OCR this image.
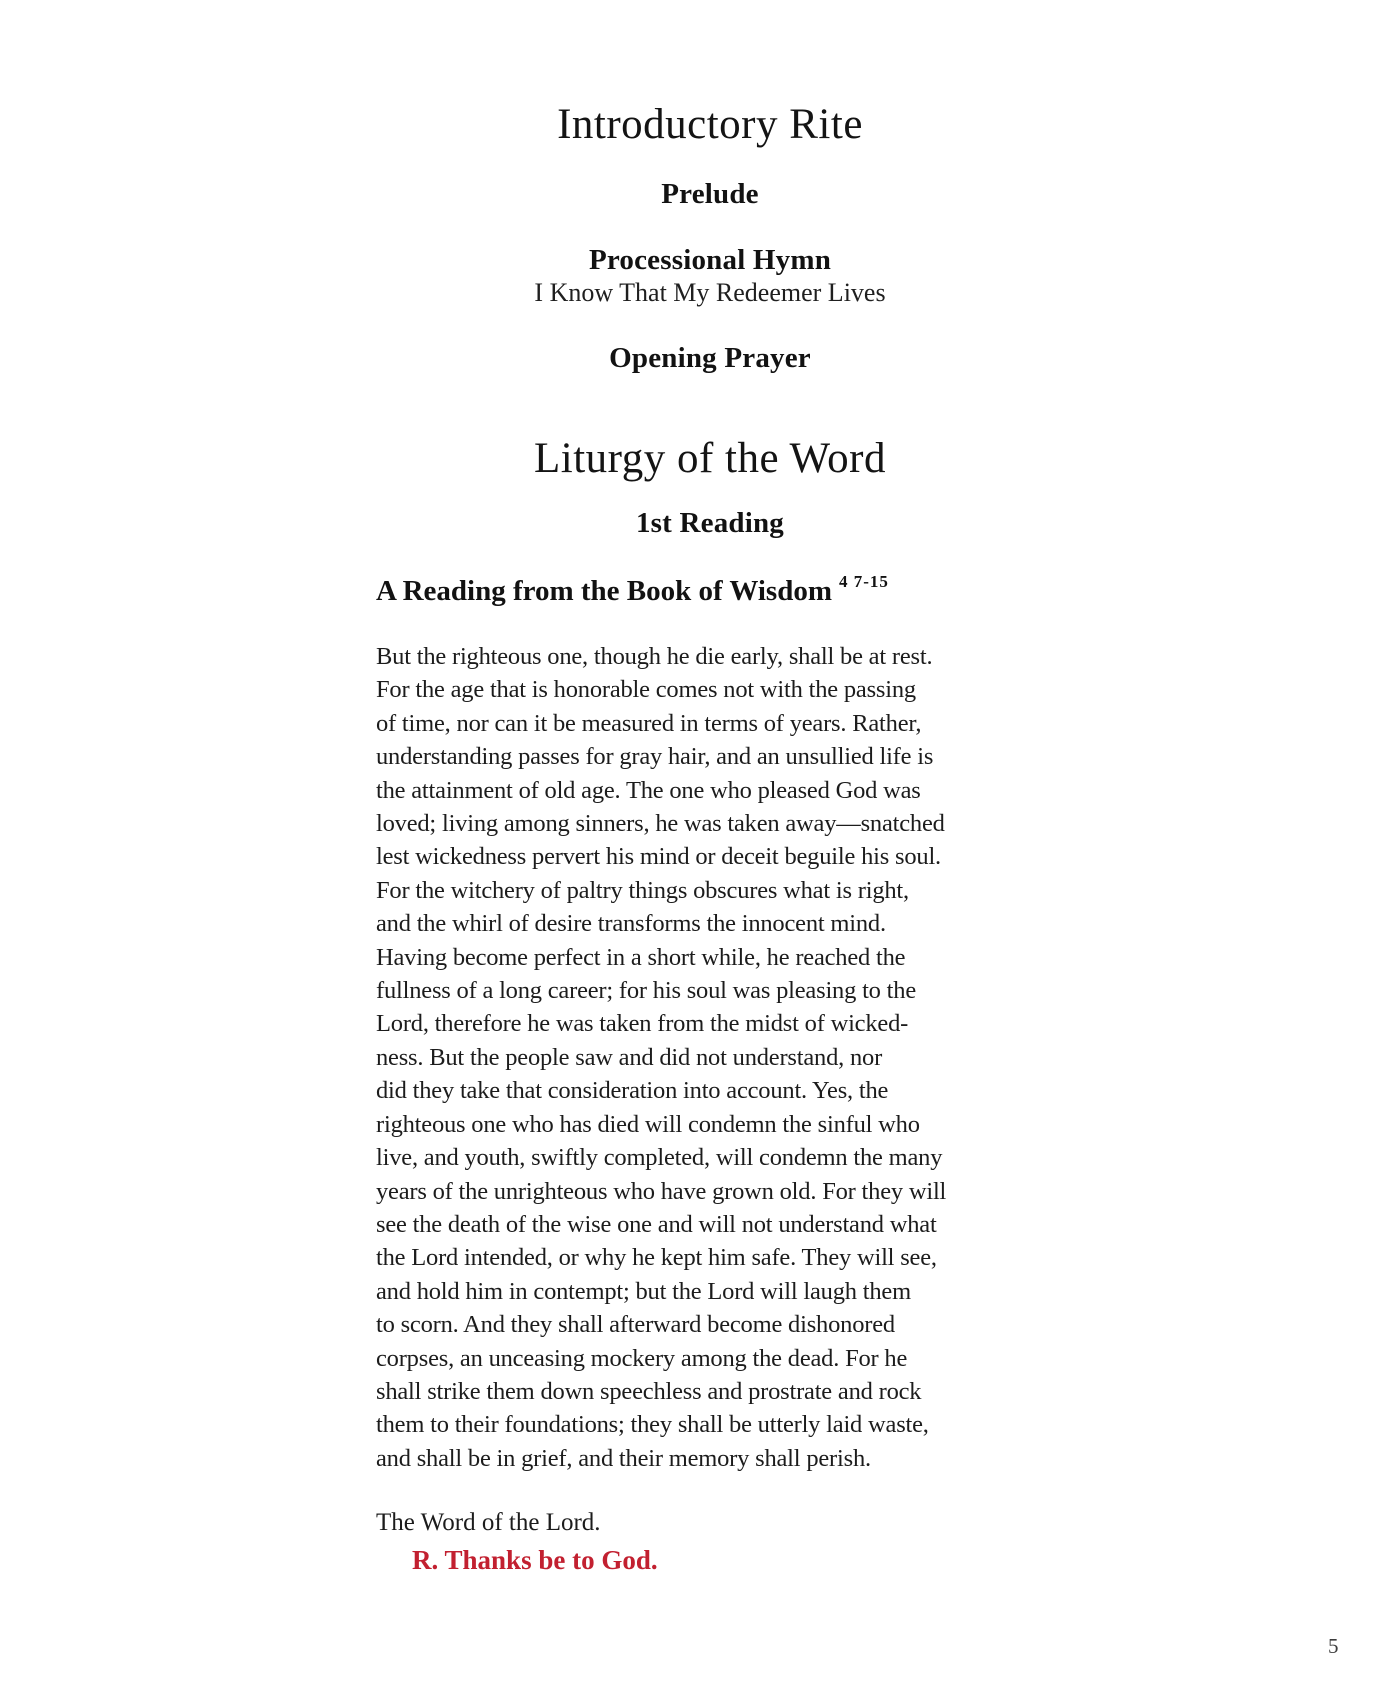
Introductory Rite
Prelude
Processional Hymn
I Know That My Redeemer Lives
Opening Prayer
Liturgy of the Word
1st Reading
A Reading from the Book of Wisdom $^{4 7-15}$
But the righteous one, though he die early, shall be at rest.
For the age that is honorable comes not with the passing
of time, nor can it be measured in terms of years. Rather,
understanding passes for gray hair, and an unsullied life is
the attainment of old age. The one who pleased God was
loved; living among sinners, he was taken away—snatched
lest wickedness pervert his mind or deceit beguile his soul.
For the witchery of paltry things obscures what is right,
and the whirl of desire transforms the innocent mind.
Having become perfect in a short while, he reached the
fullness of a long career; for his soul was pleasing to the
Lord, therefore he was taken from the midst of wicked-
ness. But the people saw and did not understand, nor
did they take that consideration into account. Yes, the
righteous one who has died will condemn the sinful who
live, and youth, swiftly completed, will condemn the many
years of the unrighteous who have grown old. For they will
see the death of the wise one and will not understand what
the Lord intended, or why he kept him safe. They will see,
and hold him in contempt; but the Lord will laugh them
to scorn. And they shall afterward become dishonored
corpses, an unceasing mockery among the dead. For he
shall strike them down speechless and prostrate and rock
them to their foundations; they shall be utterly laid waste,
and shall be in grief, and their memory shall perish.
The Word of the Lord.
R. Thanks be to God.
5
